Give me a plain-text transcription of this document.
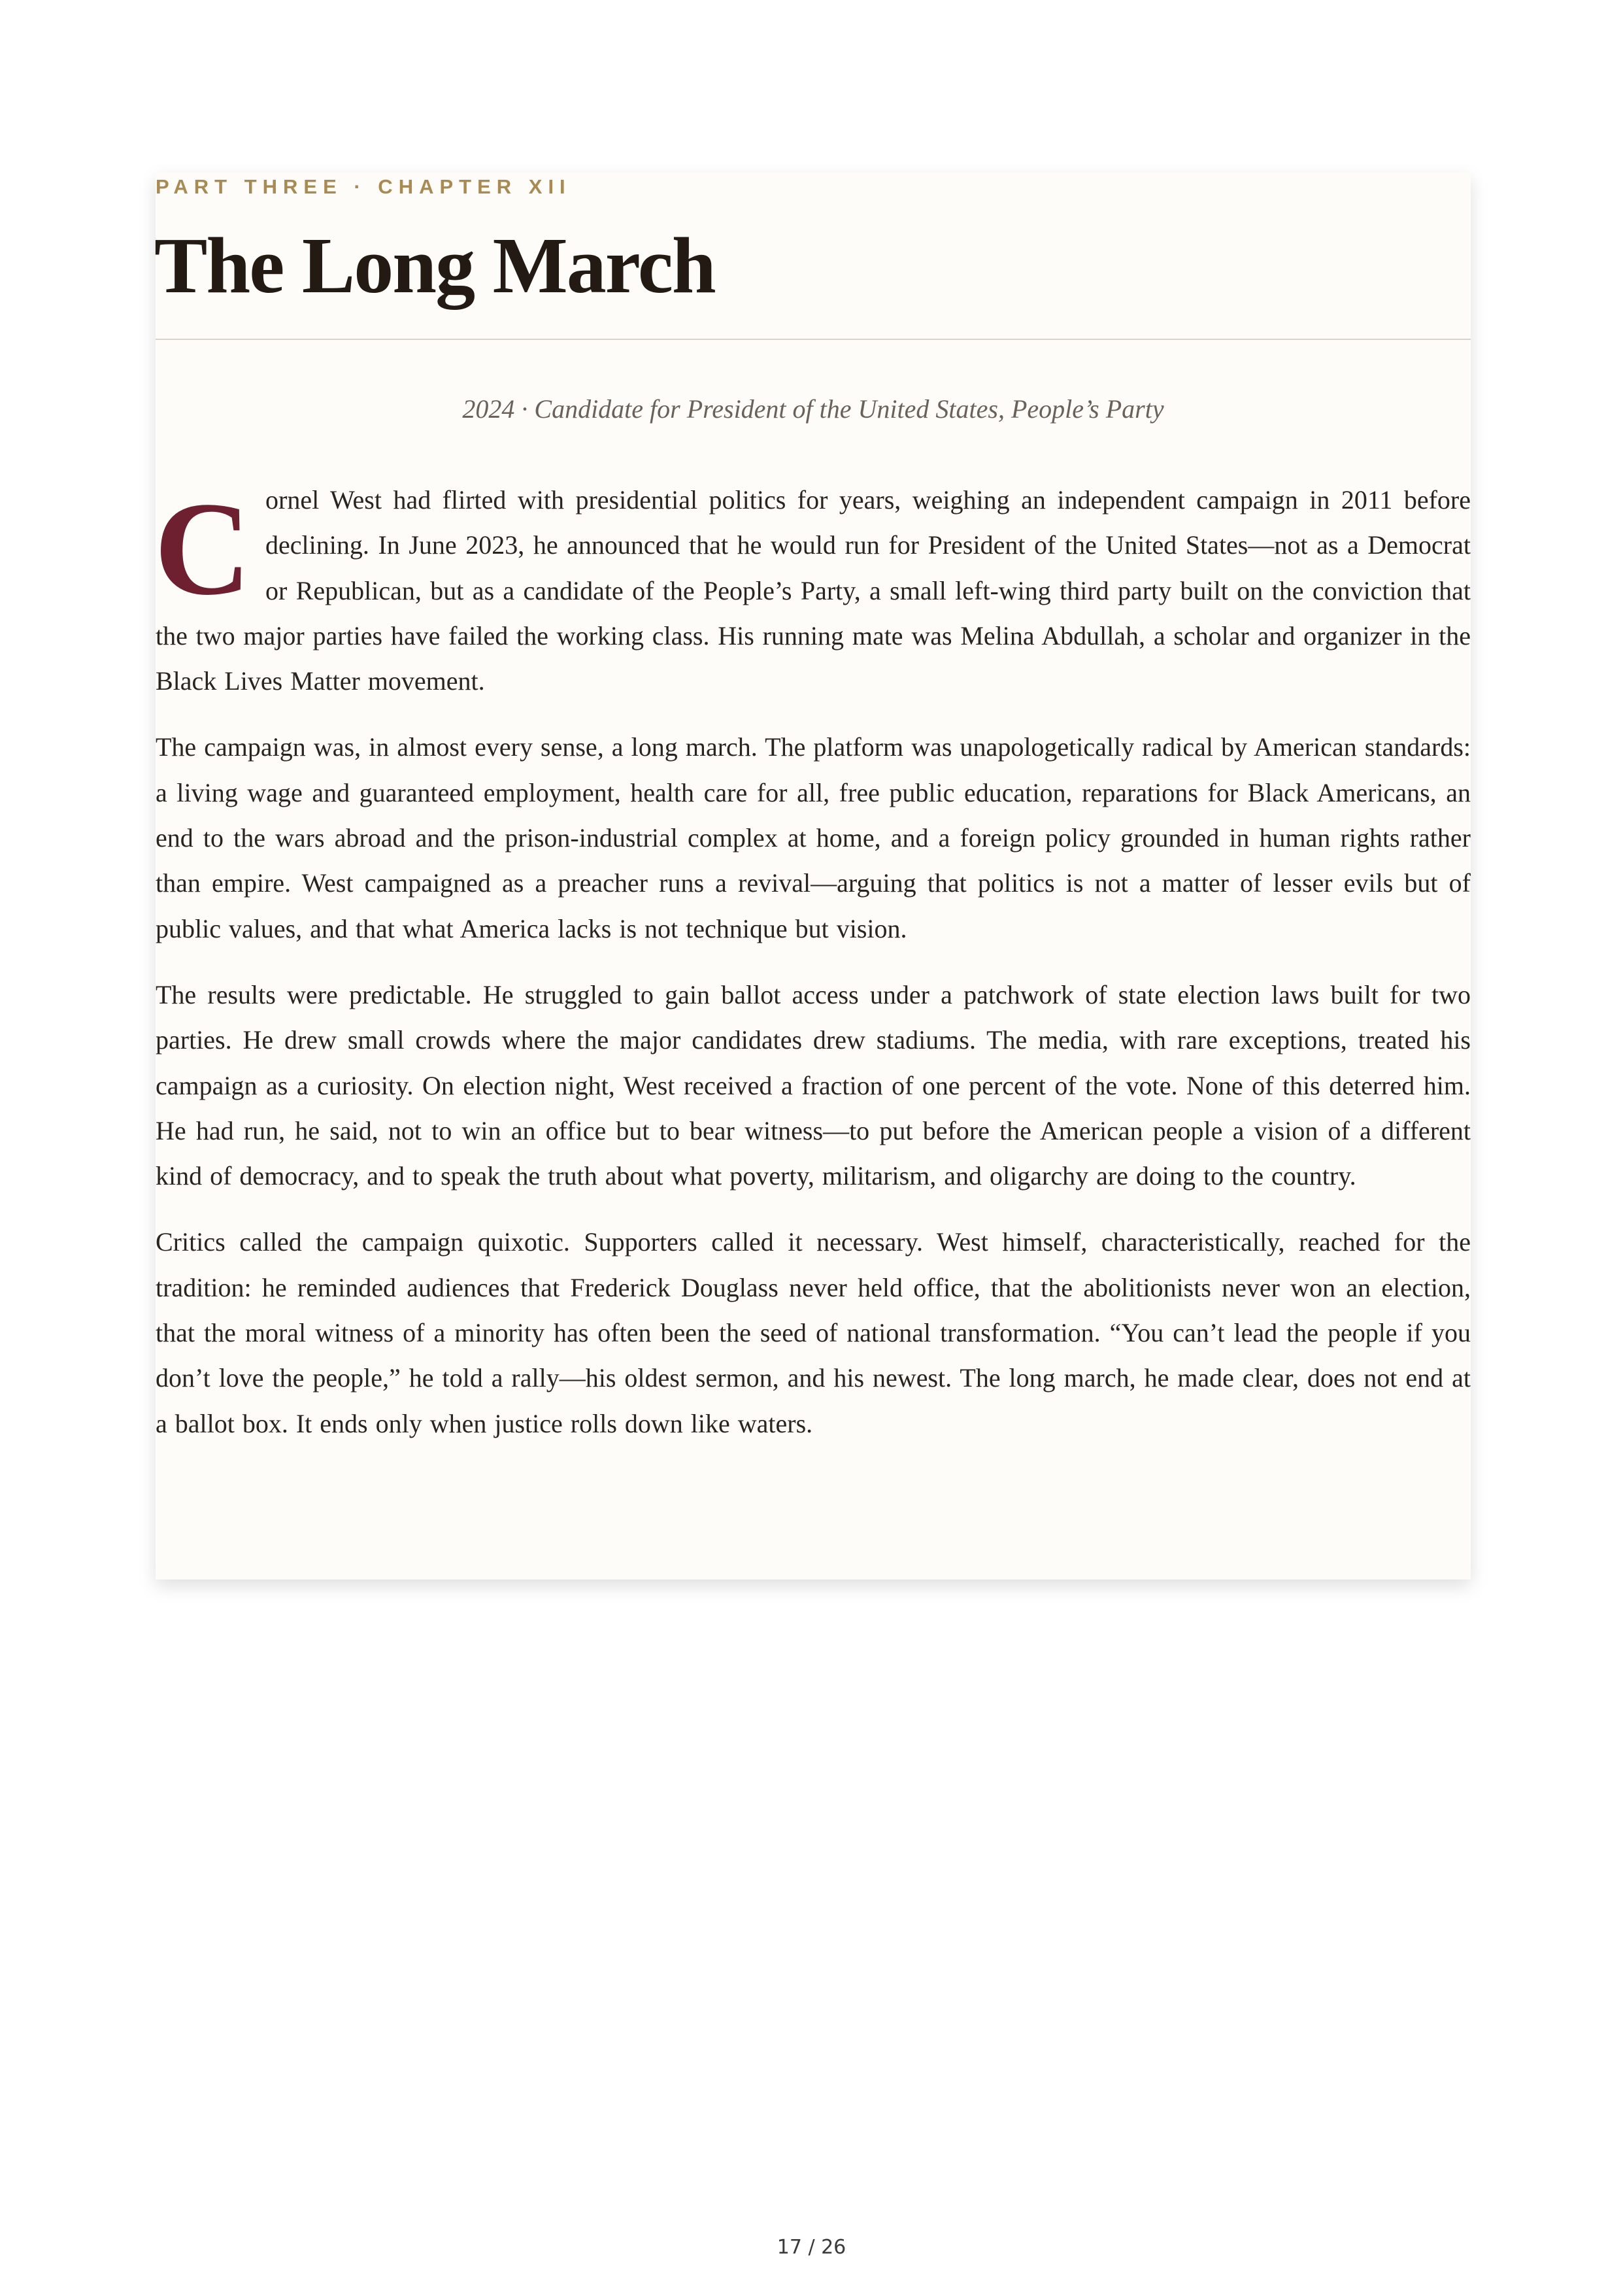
PART THREE · CHAPTER XII
The Long March
2024 · Candidate for President of the United States, People’s Party

Cornel West had flirted with presidential politics for years, weighing an independent campaign in 2011 before declining. In June 2023, he announced that he would run for President of the United States—not as a Democrat or Republican, but as a candidate of the People’s Party, a small left-wing third party built on the conviction that the two major parties have failed the working class. His running mate was Melina Abdullah, a scholar and organizer in the Black Lives Matter movement.

The campaign was, in almost every sense, a long march. The platform was unapologetically radical by American standards: a living wage and guaranteed employment, health care for all, free public education, reparations for Black Americans, an end to the wars abroad and the prison-industrial complex at home, and a foreign policy grounded in human rights rather than empire. West campaigned as a preacher runs a revival—arguing that politics is not a matter of lesser evils but of public values, and that what America lacks is not technique but vision.

The results were predictable. He struggled to gain ballot access under a patchwork of state election laws built for two parties. He drew small crowds where the major candidates drew stadiums. The media, with rare exceptions, treated his campaign as a curiosity. On election night, West received a fraction of one percent of the vote. None of this deterred him. He had run, he said, not to win an office but to bear witness—to put before the American people a vision of a different kind of democracy, and to speak the truth about what poverty, militarism, and oligarchy are doing to the country.

Critics called the campaign quixotic. Supporters called it necessary. West himself, characteristically, reached for the tradition: he reminded audiences that Frederick Douglass never held office, that the abolitionists never won an election, that the moral witness of a minority has often been the seed of national transformation. “You can’t lead the people if you don’t love the people,” he told a rally—his oldest sermon, and his newest. The long march, he made clear, does not end at a ballot box. It ends only when justice rolls down like waters.

17 / 26
